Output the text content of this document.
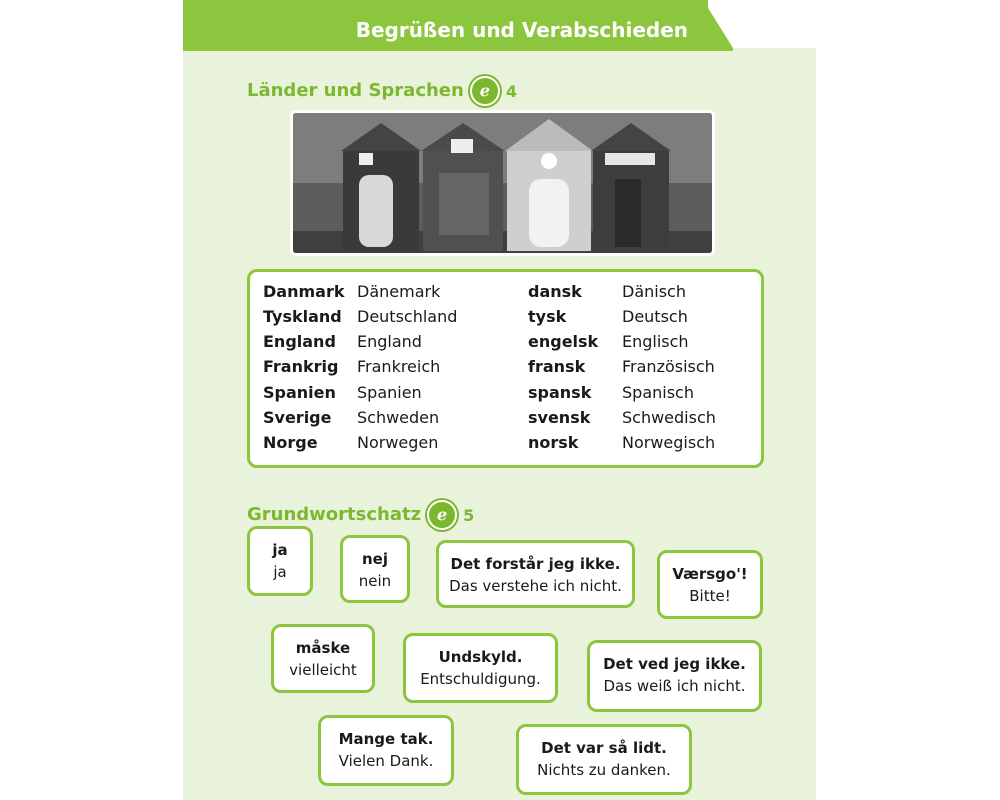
Begrüßen und Verabschieden
Länder und Sprachen ℯ 4
Grundwortschatz ℯ 5
ja
ja
nej
nein
Det forstår jeg ikke.
Das verstehe ich nicht.
Værsgo'!
Bitte!
måske
vielleicht
Undskyld.
Entschuldigung.
Det ved jeg ikke.
Das weiß ich nicht.
Mange tak.
Vielen Dank.
Det var så lidt.
Nichts zu danken.
Danmark Dänemark	dansk	Dänisch
Tyskland Deutschland	tysk	Deutsch
England England	engelsk Englisch
Frankrig Frankreich	fransk Französisch
Spanien Spanien	spansk Spanisch
Sverige Schweden	svensk Schwedisch
Norge Norwegen	norsk	Norwegisch
